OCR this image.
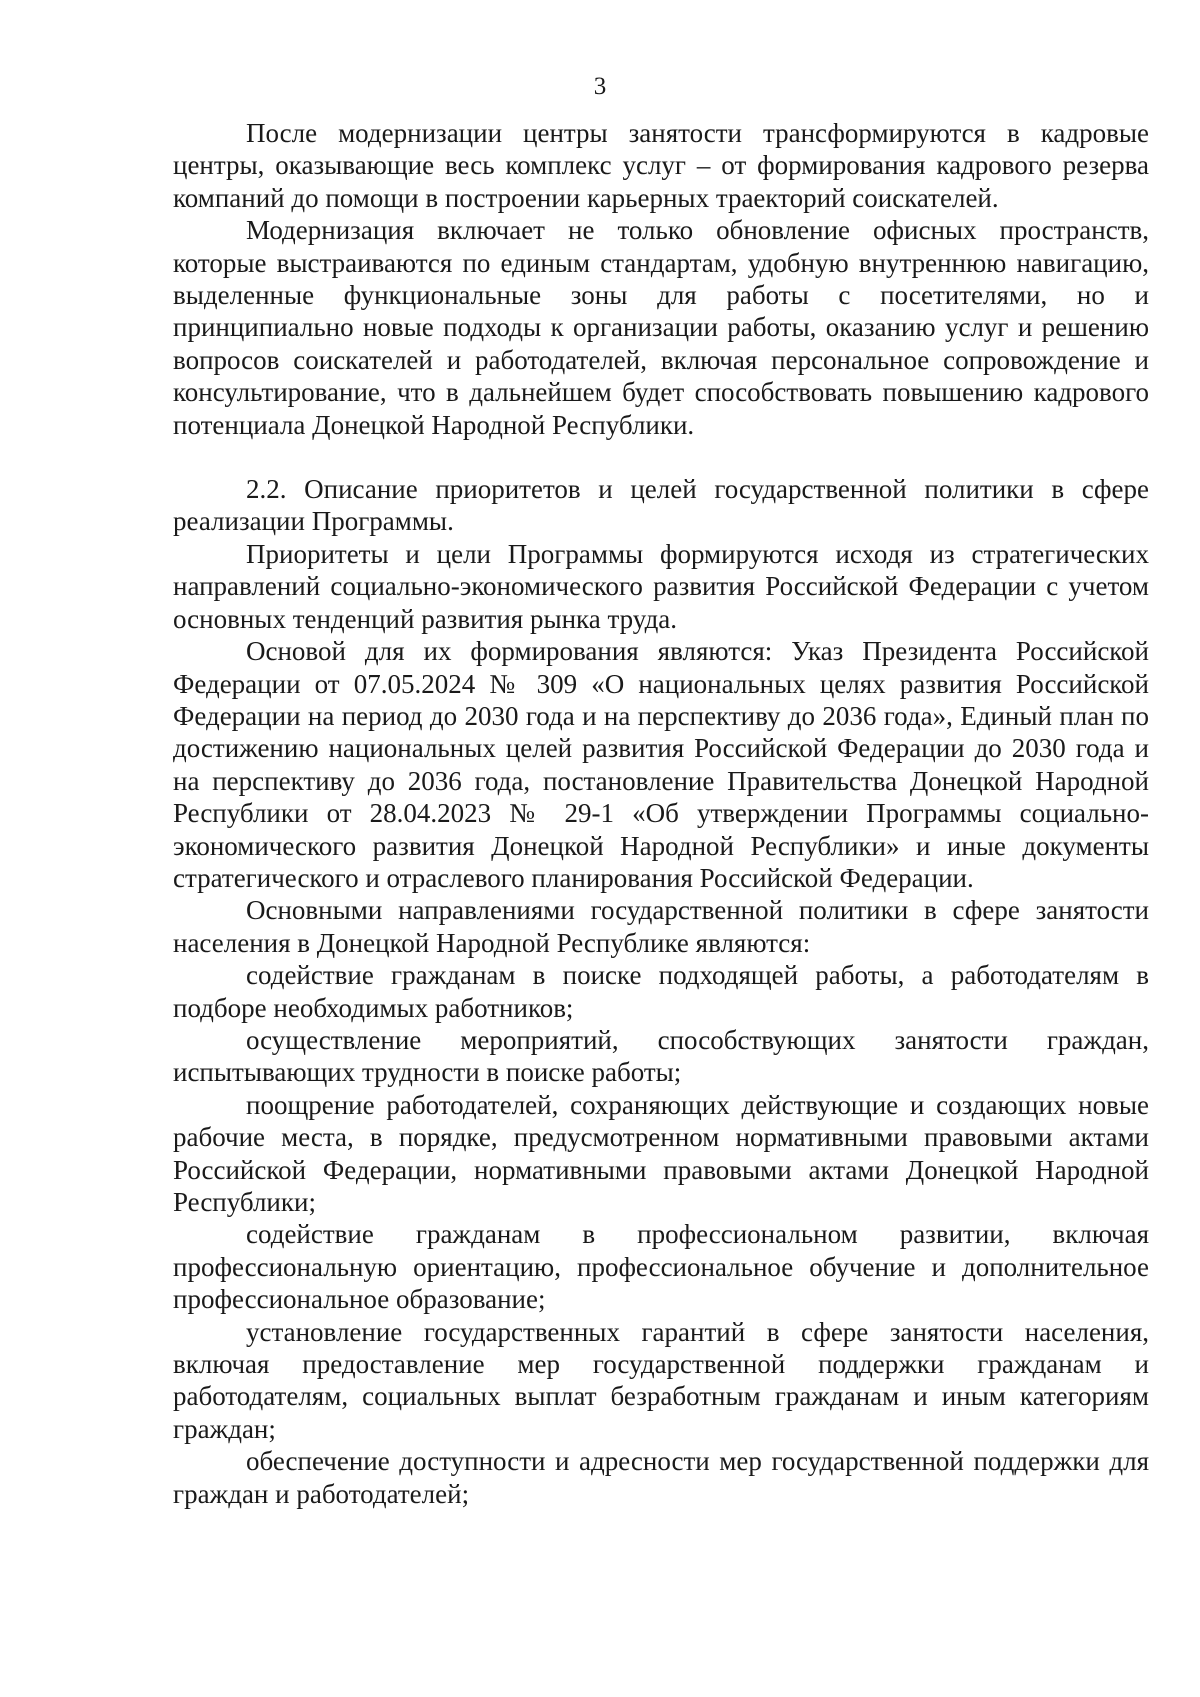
3

После модернизации центры занятости трансформируются в кадровые центры, оказывающие весь комплекс услуг – от формирования кадрового резерва компаний до помощи в построении карьерных траекторий соискателей.

Модернизация включает не только обновление офисных пространств, которые выстраиваются по единым стандартам, удобную внутреннюю навигацию, выделенные функциональные зоны для работы с посетителями, но и принципиально новые подходы к организации работы, оказанию услуг и решению вопросов соискателей и работодателей, включая персональное сопровождение и консультирование, что в дальнейшем будет способствовать повышению кадрового потенциала Донецкой Народной Республики.

2.2. Описание приоритетов и целей государственной политики в сфере реализации Программы.

Приоритеты и цели Программы формируются исходя из стратегических направлений социально-экономического развития Российской Федерации с учетом основных тенденций развития рынка труда.

Основой для их формирования являются: Указ Президента Российской Федерации от 07.05.2024 № 309 «О национальных целях развития Российской Федерации на период до 2030 года и на перспективу до 2036 года», Единый план по достижению национальных целей развития Российской Федерации до 2030 года и на перспективу до 2036 года, постановление Правительства Донецкой Народной Республики от 28.04.2023 № 29-1 «Об утверждении Программы социально-экономического развития Донецкой Народной Республики» и иные документы стратегического и отраслевого планирования Российской Федерации.

Основными направлениями государственной политики в сфере занятости населения в Донецкой Народной Республике являются:

содействие гражданам в поиске подходящей работы, а работодателям в подборе необходимых работников;

осуществление мероприятий, способствующих занятости граждан, испытывающих трудности в поиске работы;

поощрение работодателей, сохраняющих действующие и создающих новые рабочие места, в порядке, предусмотренном нормативными правовыми актами Российской Федерации, нормативными правовыми актами Донецкой Народной Республики;

содействие гражданам в профессиональном развитии, включая профессиональную ориентацию, профессиональное обучение и дополнительное профессиональное образование;

установление государственных гарантий в сфере занятости населения, включая предоставление мер государственной поддержки гражданам и работодателям, социальных выплат безработным гражданам и иным категориям граждан;

обеспечение доступности и адресности мер государственной поддержки для граждан и работодателей;
